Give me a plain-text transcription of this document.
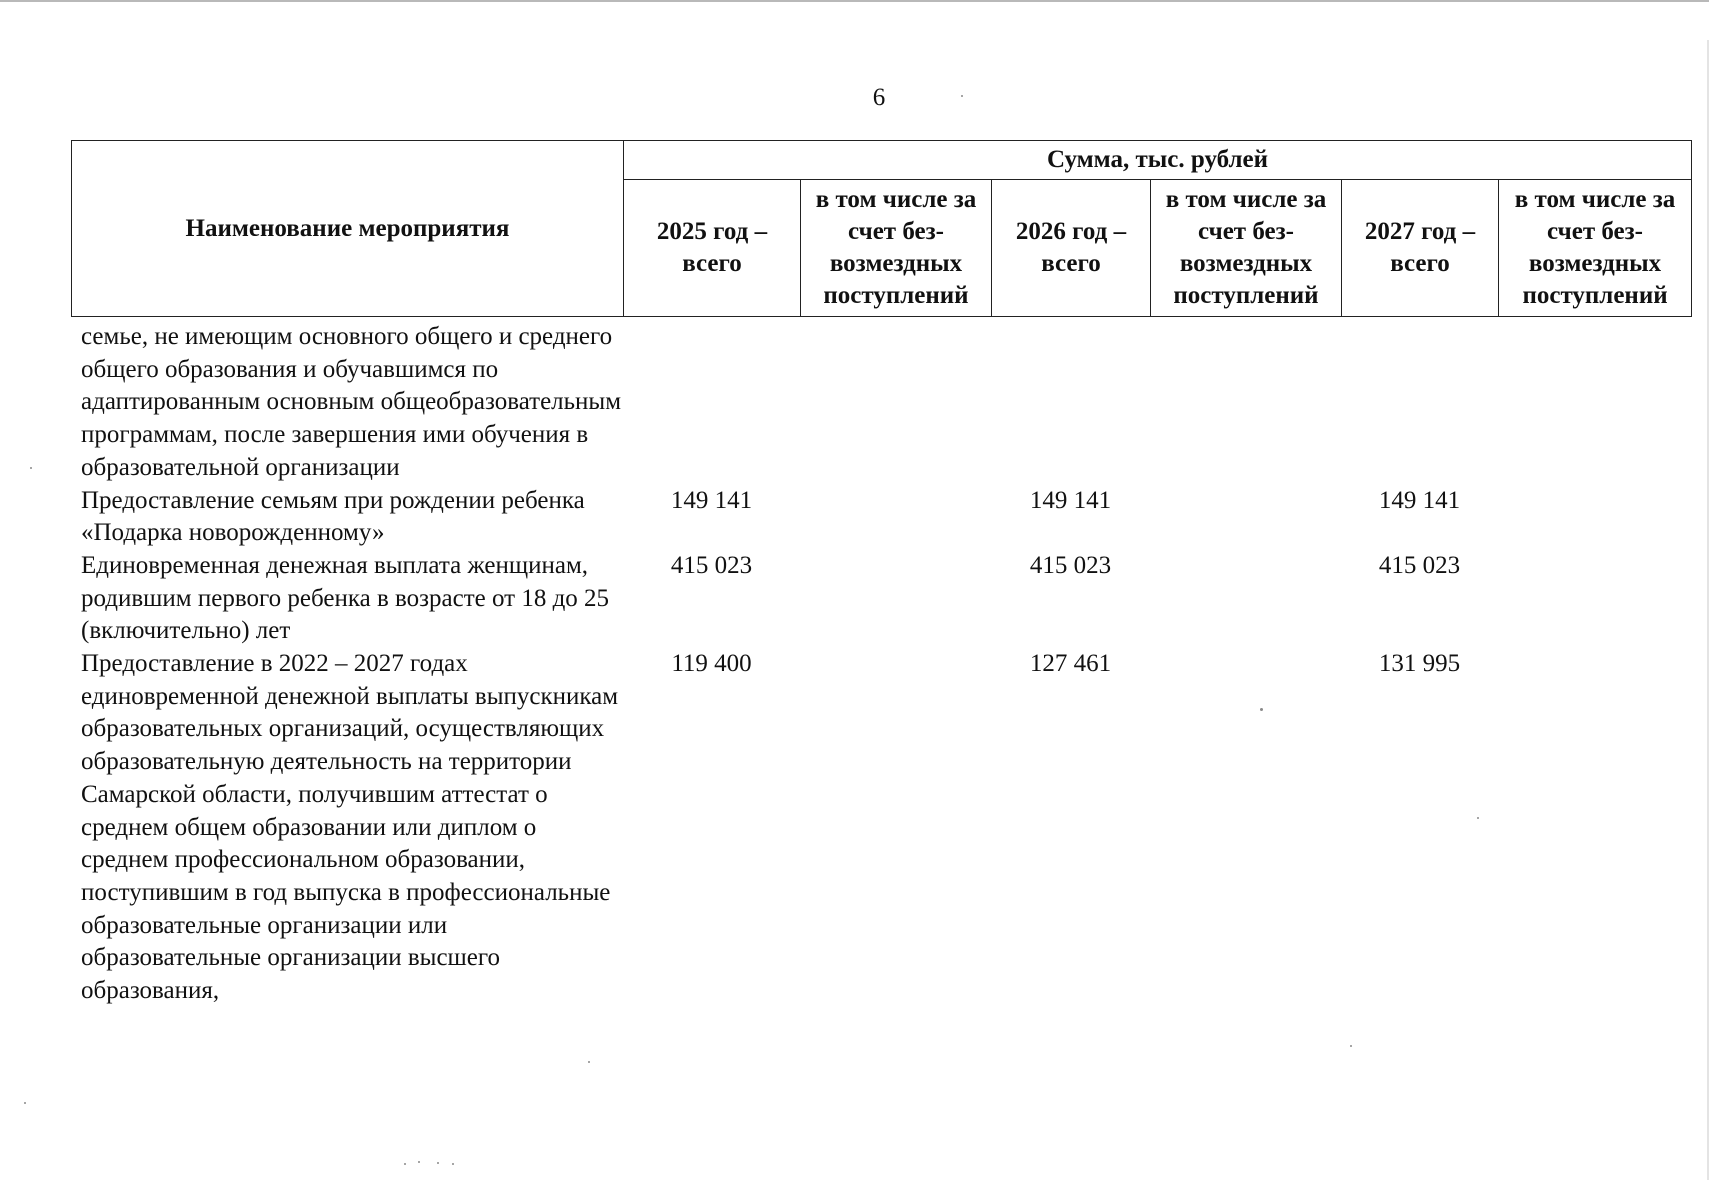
6
Наименование мероприятия	Сумма, тыс. рублей					
	2025 год – всего	в том числе за счет без-возмездных поступлений	2026 год – всего	в том числе за счет без-возмездных поступлений	2027 год – всего	в том числе за счет без-возмездных поступлений
семье, не имеющим основного общего и среднего общего образования и обучавшимся по адаптированным основным общеобразовательным программам, после завершения ими обучения в образовательной организации						
Предоставление семьям при рождении ребенка «Подарка новорожденному»	149 141		149 141		149 141	
Единовременная денежная выплата женщинам, родившим первого ребенка в возрасте от 18 до 25 (включительно) лет	415 023		415 023		415 023	
Предоставление в 2022 – 2027 годах единовременной денежной выплаты выпускникам образовательных организаций, осуществляющих образовательную деятельность на территории Самарской области, получившим аттестат о среднем общем образовании или диплом о среднем профессиональном образовании, поступившим в год выпуска в профессиональные образовательные организации или образовательные организации высшего образования,	119 400		127 461		131 995	
